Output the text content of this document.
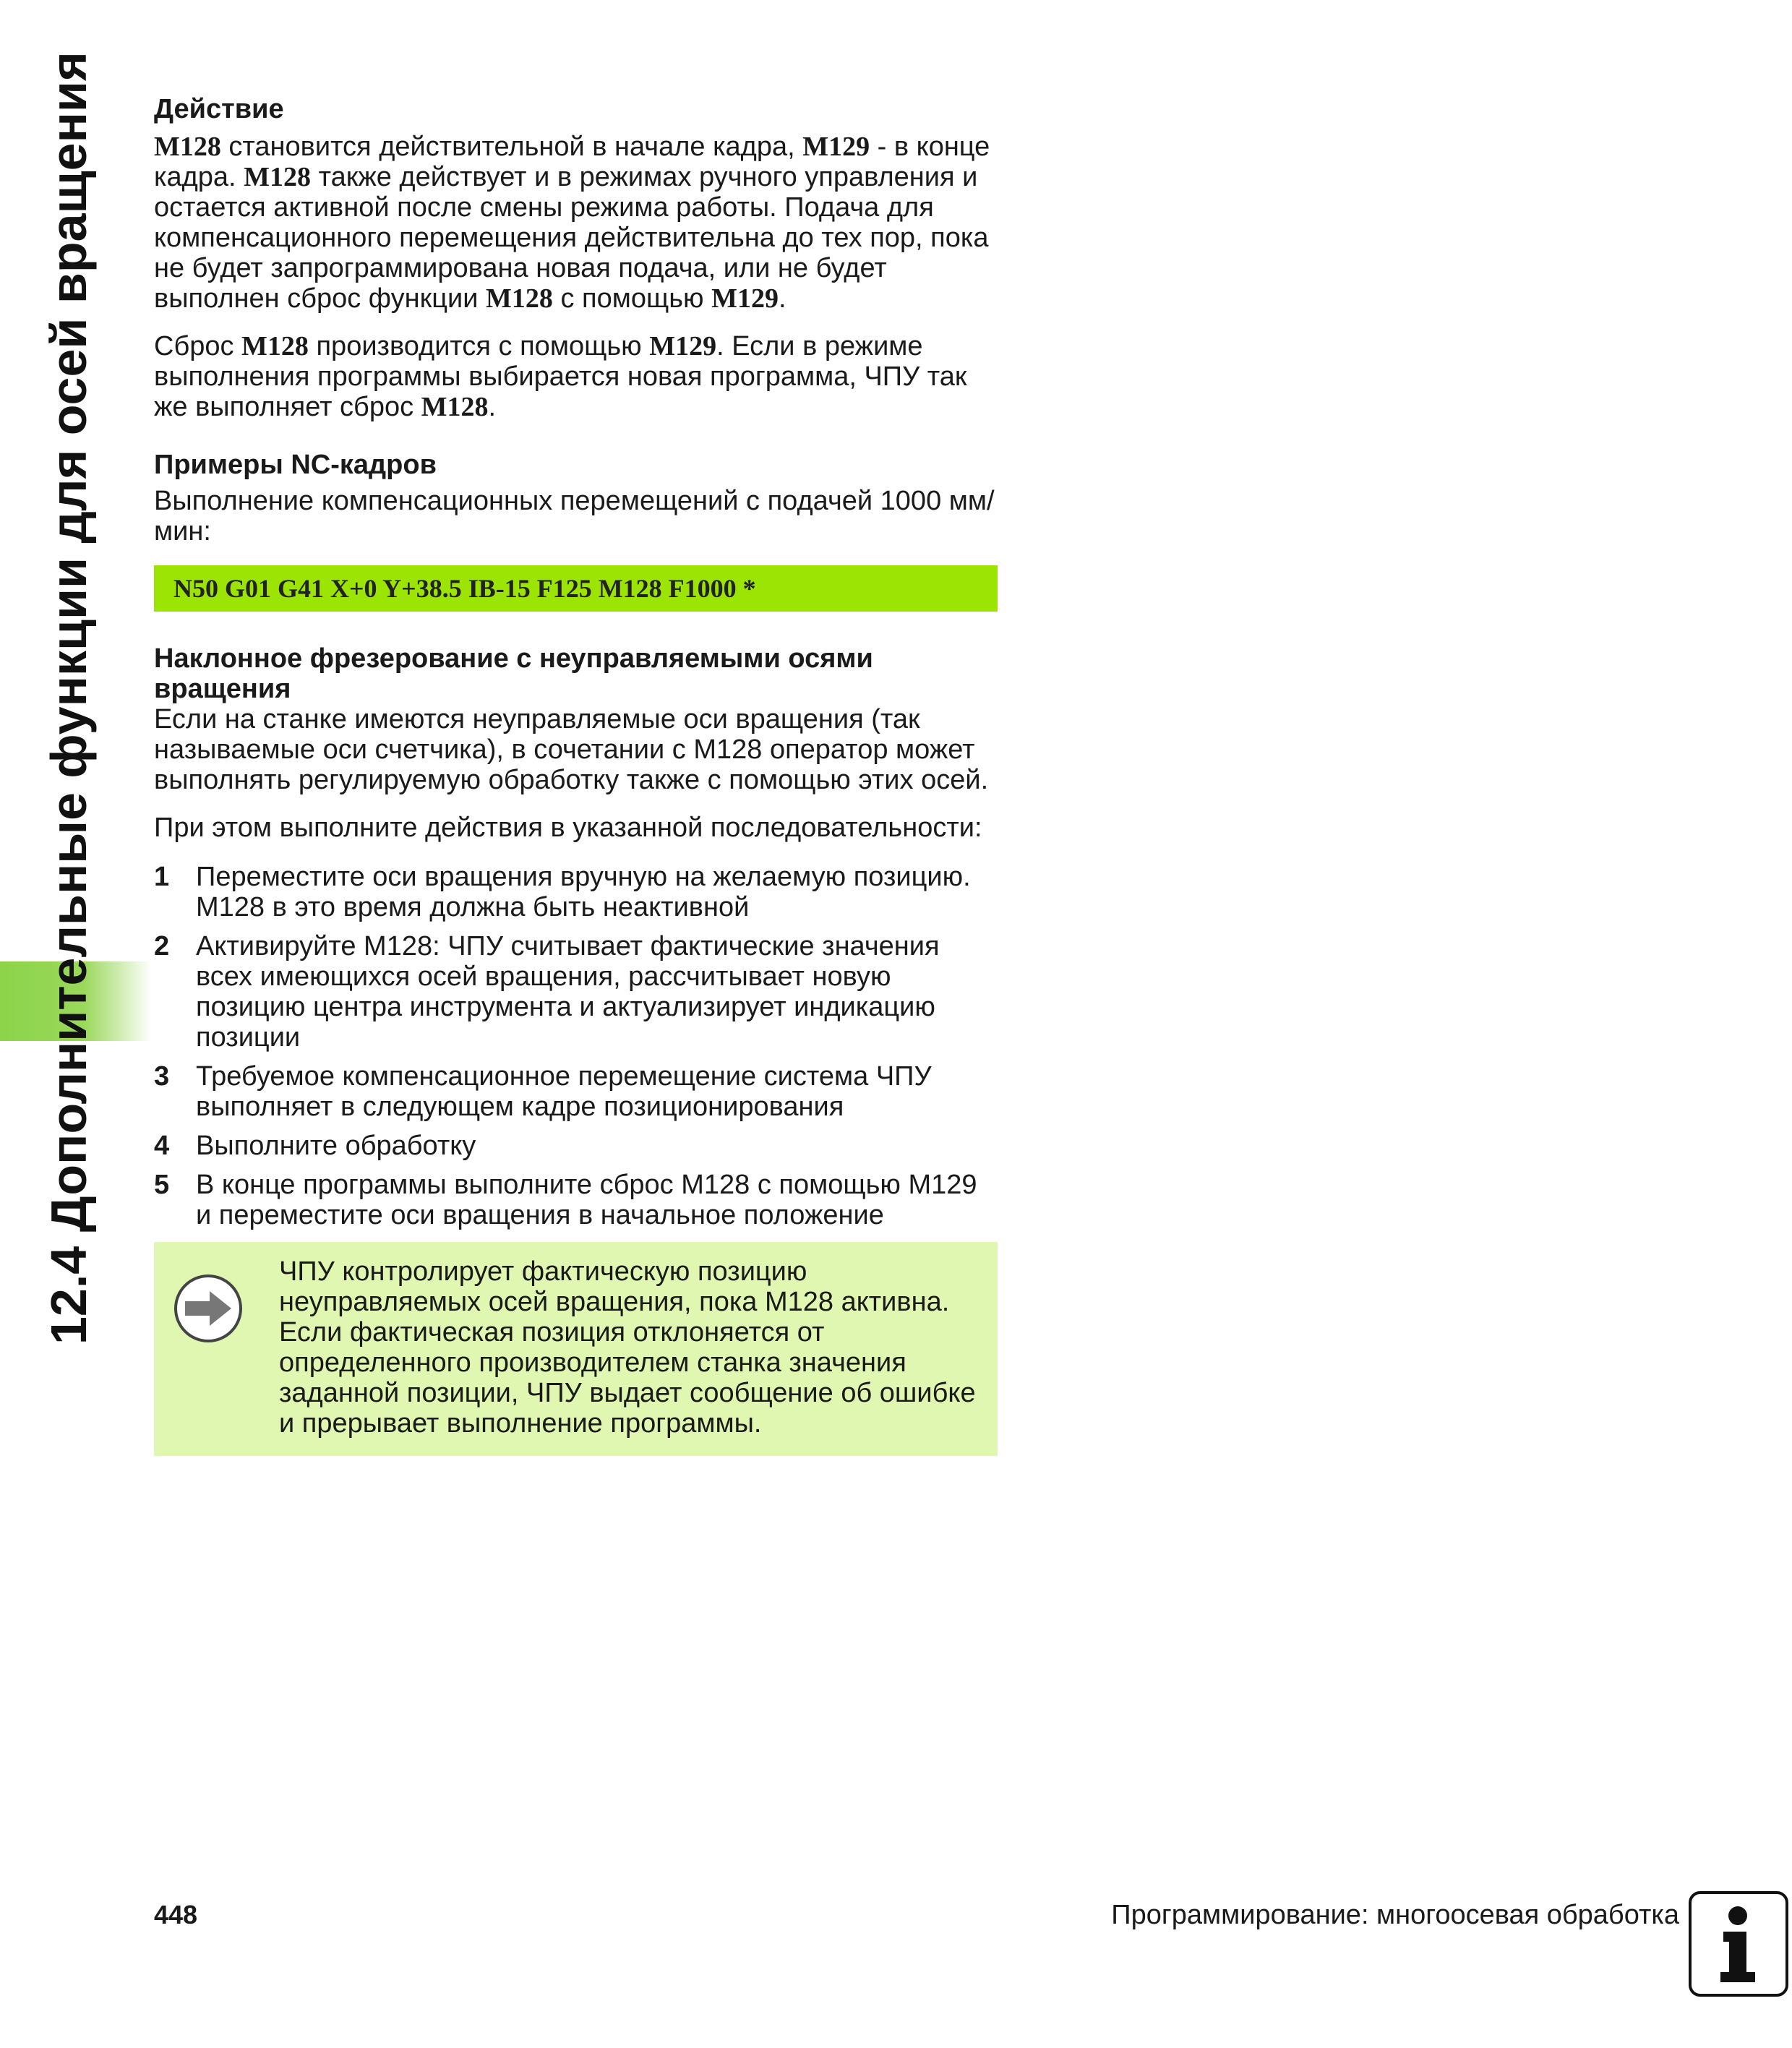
12.4 Дополнительные функции для осей вращения Действие

M128 становится действительной в начале кадра, M129 - в конце кадра. M128 также действует и в режимах ручного управления и остается активной после смены режима работы. Подача для компенсационного перемещения действительна до тех пор, пока не будет запрограммирована новая подача, или не будет выполнен сброс функции M128 с помощью M129.

Сброс M128 производится с помощью M129. Если в режиме выполнения программы выбирается новая программа, ЧПУ так же выполняет сброс M128.

Примеры NC-кадров

Выполнение компенсационных перемещений с подачей 1000 мм/мин:

N50 G01 G41 X+0 Y+38.5 IB-15 F125 M128 F1000 *
Наклонное фрезерование с неуправляемыми осями вращения

Если на станке имеются неуправляемые оси вращения (так называемые оси счетчика), в сочетании с M128 оператор может выполнять регулируемую обработку также с помощью этих осей.

При этом выполните действия в указанной последовательности:

1 Переместите оси вращения вручную на желаемую позицию. M128 в это время должна быть неактивной
2 Активируйте M128: ЧПУ считывает фактические значения всех имеющихся осей вращения, рассчитывает новую позицию центра инструмента и актуализирует индикацию позиции
3 Требуемое компенсационное перемещение система ЧПУ выполняет в следующем кадре позиционирования
4 Выполните обработку
5 В конце программы выполните сброс M128 с помощью M129 и переместите оси вращения в начальное положение
ЧПУ контролирует фактическую позицию неуправляемых осей вращения, пока M128 активна. Если фактическая позиция отклоняется от определенного производителем станка значения заданной позиции, ЧПУ выдает сообщение об ошибке и прерывает выполнение программы.
448	Программирование: многоосевая обработка
